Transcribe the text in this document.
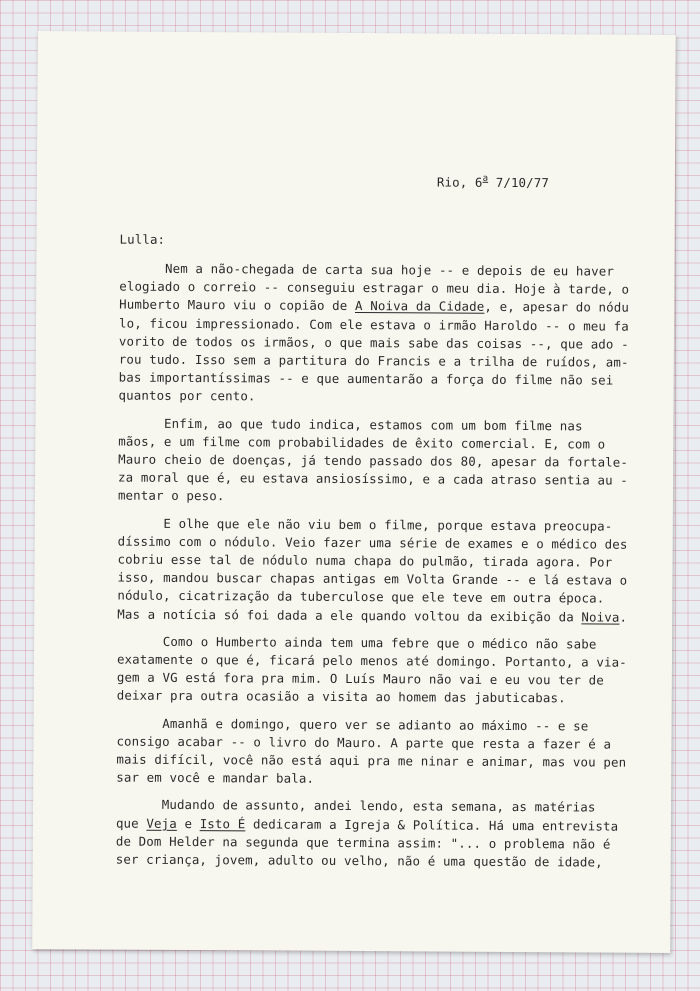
Rio, 6$^a$ 7/10/77
Lulla:
Nem a não-chegada de carta sua hoje -- e depois de eu haver
elogiado o correio -- conseguiu estragar o meu dia. Hoje à tarde, o
Humberto Mauro viu o copião de A Noiva da Cidade, e, apesar do nódu
lo, ficou impressionado. Com ele estava o irmão Haroldo -- o meu fa
vorito de todos os irmãos, o que mais sabe das coisas --, que ado -
rou tudo. Isso sem a partitura do Francis e a trilha de ruídos, am-
bas importantíssimas -- e que aumentarão a força do filme não sei
quantos por cento.
Enfim, ao que tudo indica, estamos com um bom filme nas
mãos, e um filme com probabilidades de êxito comercial. E, com o
Mauro cheio de doenças, já tendo passado dos 80, apesar da fortale-
za moral que é, eu estava ansiosíssimo, e a cada atraso sentia au -
mentar o peso.
E olhe que ele não viu bem o filme, porque estava preocupa-
díssimo com o nódulo. Veio fazer uma série de exames e o médico des
cobriu esse tal de nódulo numa chapa do pulmão, tirada agora. Por
isso, mandou buscar chapas antigas em Volta Grande -- e lá estava o
nódulo, cicatrização da tuberculose que ele teve em outra época.
Mas a notícia só foi dada a ele quando voltou da exibição da Noiva.
Como o Humberto ainda tem uma febre que o médico não sabe
exatamente o que é, ficará pelo menos até domingo. Portanto, a via-
gem a VG está fora pra mim. O Luís Mauro não vai e eu vou ter de
deixar pra outra ocasião a visita ao homem das jabuticabas.
Amanhã e domingo, quero ver se adianto ao máximo -- e se
consigo acabar -- o livro do Mauro. A parte que resta a fazer é a
mais difícil, você não está aqui pra me ninar e animar, mas vou pen
sar em você e mandar bala.
Mudando de assunto, andei lendo, esta semana, as matérias
que Veja e Isto É dedicaram a Igreja & Política. Há uma entrevista
de Dom Helder na segunda que termina assim: "... o problema não é
ser criança, jovem, adulto ou velho, não é uma questão de idade,
